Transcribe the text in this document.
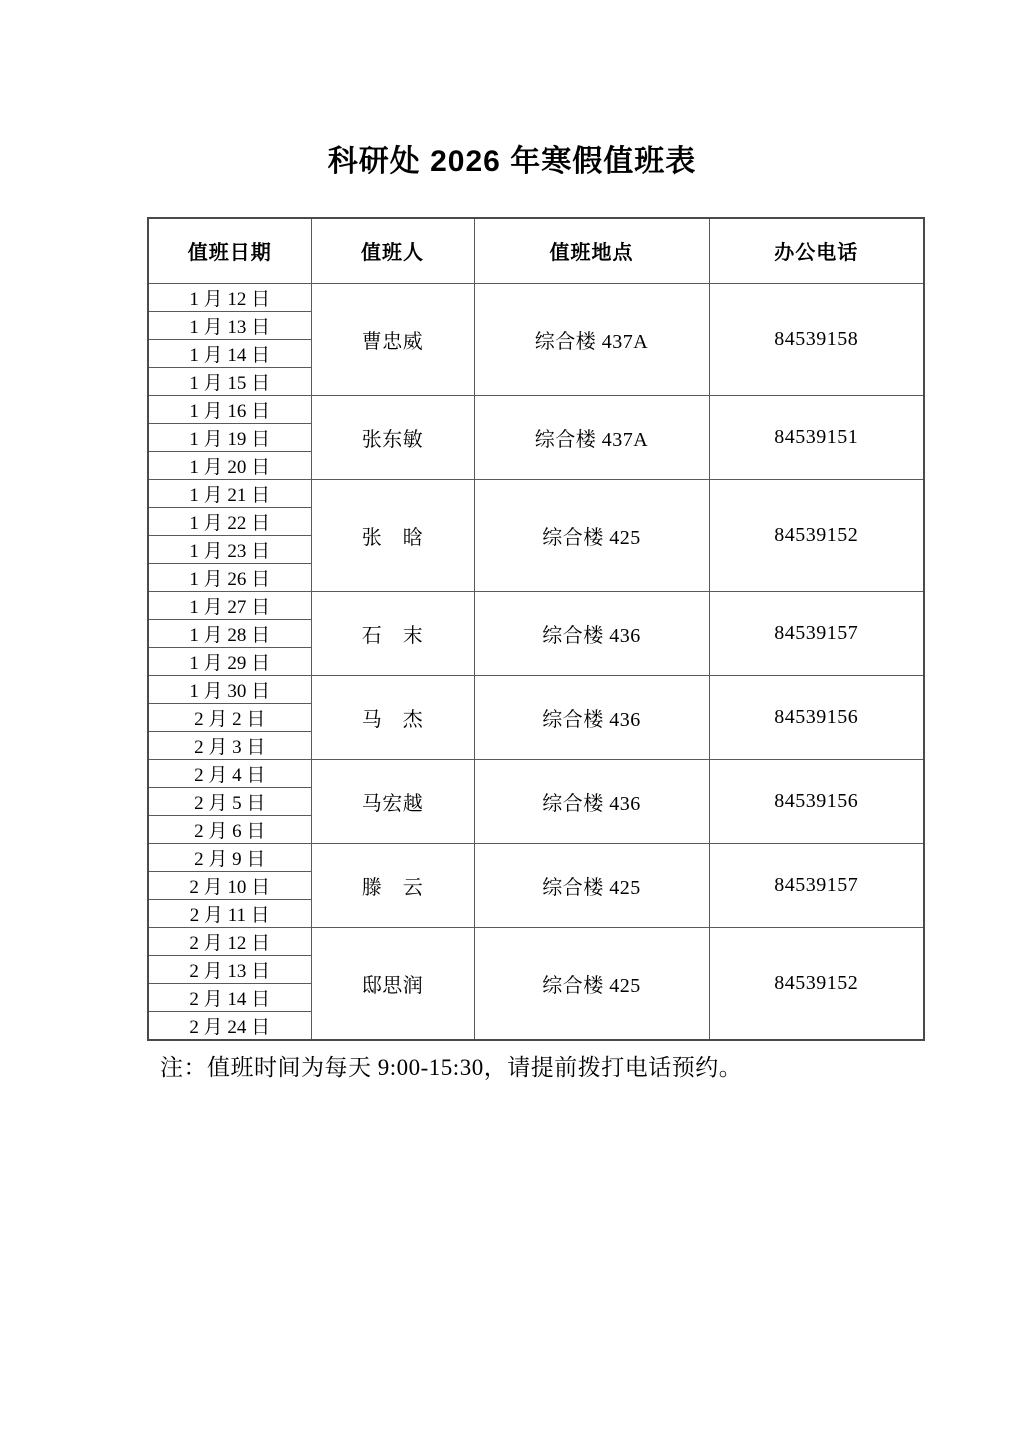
科研处 2026 年寒假值班表
值班日期	值班人	值班地点	办公电话
1 月 12 日	曹忠威	综合楼 437A	84539158
1 月 13 日			
1 月 14 日			
1 月 15 日			
1 月 16 日	张东敏	综合楼 437A	84539151
1 月 19 日			
1 月 20 日			
1 月 21 日	张　晗	综合楼 425	84539152
1 月 22 日			
1 月 23 日			
1 月 26 日			
1 月 27 日	石　末	综合楼 436	84539157
1 月 28 日			
1 月 29 日			
1 月 30 日	马　杰	综合楼 436	84539156
2 月 2 日			
2 月 3 日			
2 月 4 日	马宏越	综合楼 436	84539156
2 月 5 日			
2 月 6 日			
2 月 9 日	滕　云	综合楼 425	84539157
2 月 10 日			
2 月 11 日			
2 月 12 日	邸思润	综合楼 425	84539152
2 月 13 日			
2 月 14 日			
2 月 24 日			
注：值班时间为每天 9:00-15:30，请提前拨打电话预约。
